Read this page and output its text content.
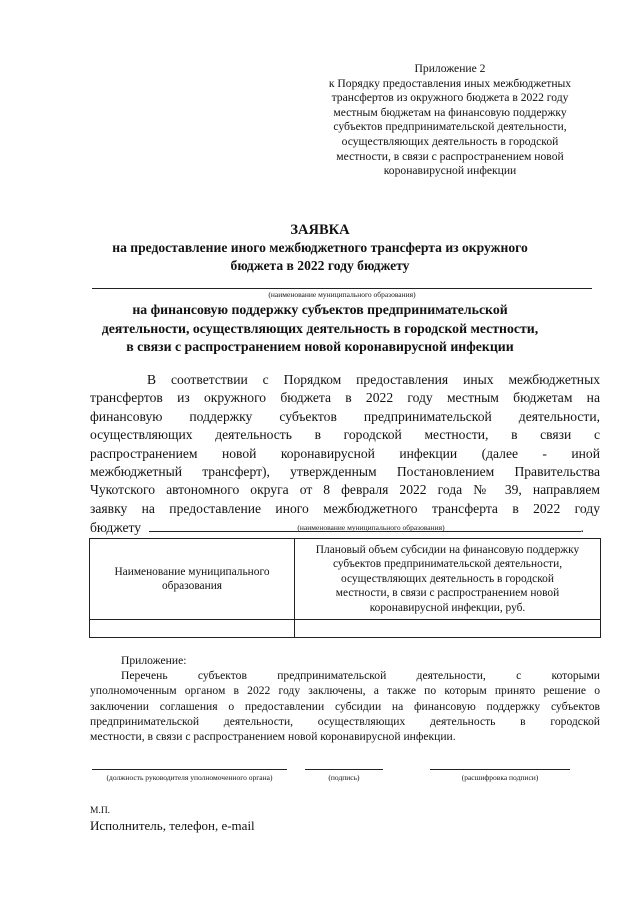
Приложение 2
к Порядку предоставления иных межбюджетных
трансфертов из окружного бюджета в 2022 году
местным бюджетам на финансовую поддержку
субъектов предпринимательской деятельности,
осуществляющих деятельность в городской
местности, в связи с распространением новой
коронавирусной инфекции
ЗАЯВКА
на предоставление иного межбюджетного трансферта из окружного
бюджета в 2022 году бюджету
(наименование муниципального образования)
на финансовую поддержку субъектов предпринимательской
деятельности, осуществляющих деятельность в городской местности,
в связи с распространением новой коронавирусной инфекции
В соответствии с Порядком предоставления иных межбюджетных
трансфертов из окружного бюджета в 2022 году местным бюджетам на
финансовую поддержку субъектов предпринимательской деятельности,
осуществляющих деятельность в городской местности, в связи с
распространением новой коронавирусной инфекции (далее - иной
межбюджетный трансферт), утвержденным Постановлением Правительства
Чукотского автономного округа от 8 февраля 2022 года № 39, направляем
заявку на предоставление иного межбюджетного трансферта в 2022 году
бюджету	.
(наименование муниципального образования)
Наименование муниципального образования	Плановый объем субсидии на финансовую поддержку
субъектов предпринимательской деятельности,
осуществляющих деятельность в городской
местности, в связи с распространением новой
коронавирусной инфекции, руб.

Приложение:
Перечень субъектов предпринимательской деятельности, с которыми
уполномоченным органом в 2022 году заключены, а также по которым принято решение о
заключении соглашения о предоставлении субсидии на финансовую поддержку субъектов
предпринимательской деятельности, осуществляющих деятельность в городской
местности, в связи с распространением новой коронавирусной инфекции.
(должность руководителя уполномоченного органа)	(подпись)	(расшифровка подписи)
М.П.
Исполнитель, телефон, e-mail
